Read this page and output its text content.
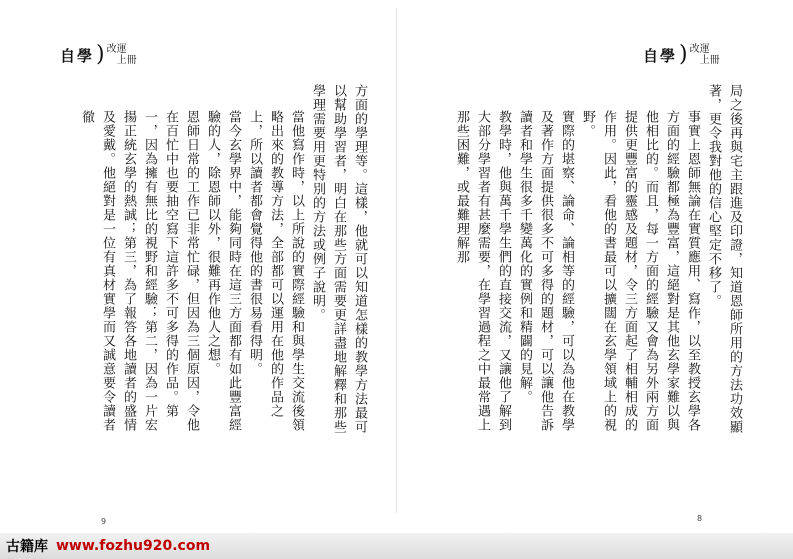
自學 ) 改運
上冊

方面的學理等。這樣，他就可以知道怎樣的教學方法最可以幫助學習者，明白在那些方面需要更詳盡地解釋和那些學理需要用更特別的方法或例子說明。

當他寫作時，以上所說的實際經驗和與學生交流後領略出來的教導方法，全部都可以運用在他的作品之上，所以讀者都會覺得他的書很易看得明。

當今玄學界中，能夠同時在這三方面都有如此豐富經驗的人，除恩師以外，很難再作他人之想。

恩師日常的工作已非常忙碌，但因為三個原因，令他在百忙中也要抽空寫下這許多不可多得的作品。第一，因為擁有無比的視野和經驗；第二，因為一片宏揚正統玄學的熱誠；第三，為了報答各地讀者的盛情及愛戴。他絕對是一位有真材實學而又誠意要令讀者徹

9
自學 ) 改運
上冊

局之後再與宅主跟進及印證，知道恩師所用的方法功效顯著，更令我對他的信心堅定不移了。

事實上恩師無論在實質應用、寫作，以至教授玄學各方面的經驗都極為豐富，這絕對是其他玄學家難以與他相比的。而且，每一方面的經驗又會為另外兩方面提供更豐富的靈感及題材，令三方面起了相輔相成的作用。因此，看他的書最可以擴闊在玄學領域上的視野。

實際的堪察、論命、論相等的經驗，可以為他在教學及著作方面提供很多不可多得的題材，可以讓他告訴讀者和學生很多千變萬化的實例和精闢的見解。

教學時，他與萬千學生們的直接交流，又讓他了解到大部分學習者有甚麼需要，在學習過程之中最常遇上那些困難，或最難理解那

8
古籍库 www.fozhu920.com
